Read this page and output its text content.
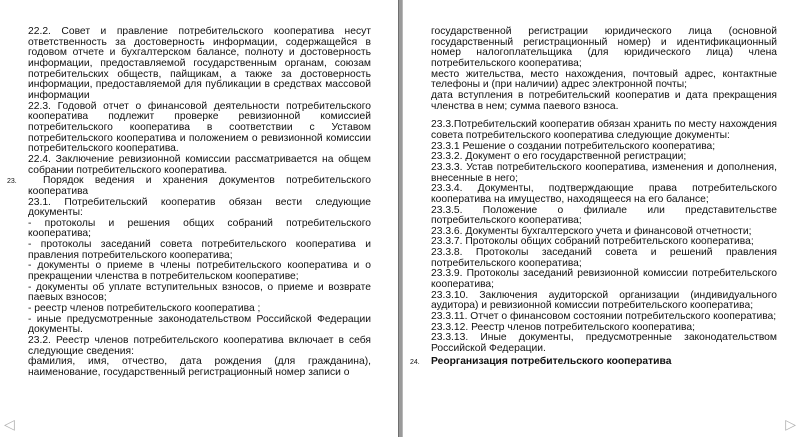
22.2. Совет и правление потребительского кооператива несут ответственность за достоверность информации, содержащейся в годовом отчете и бухгалтерском балансе, полноту и достоверность информации, предоставляемой государственным органам, союзам потребительских обществ, пайщикам, а также за достоверность информации, предоставляемой для публикации в средствах массовой информации

22.3. Годовой отчет о финансовой деятельности потребительского кооператива подлежит проверке ревизионной комиссией потребительского кооператива в соответствии с Уставом потребительского кооператива и положением о ревизионной комиссии потребительского кооператива.

22.4. Заключение ревизионной комиссии рассматривается на общем собрании потребительского кооператива.

23.	Порядок ведения и хранения документов потребительского кооператива

23.1. Потребительский кооператив обязан вести следующие документы:

- протоколы и решения общих собраний потребительского кооператива;

- протоколы заседаний совета потребительского кооператива и правления потребительского кооператива;

- документы о приеме в члены потребительского кооператива и о прекращении членства в потребительском кооперативе;

- документы об уплате вступительных взносов, о приеме и возврате паевых взносов;

- реестр членов потребительского кооператива ;

- иные предусмотренные законодательством Российской Федерации документы.

23.2. Реестр членов потребительского кооператива включает в себя следующие сведения:

фамилия, имя, отчество, дата рождения (для гражданина), наименование, государственный регистрационный номер записи о

◁

государственной регистрации юридического лица (основной государственный регистрационный номер) и идентификационный номер налогоплательщика (для юридического лица) члена потребительского кооператива;

место жительства, место нахождения, почтовый адрес, контактные телефоны и (при наличии) адрес электронной почты;

дата вступления в потребительский кооператив и дата прекращения членства в нем; сумма паевого взноса.

23.3.Потребительский кооператив обязан хранить по месту нахождения совета потребительского кооператива следующие документы:

23.3.1 Решение о создании потребительского кооператива;

23.3.2. Документ о его государственной регистрации;

23.3.3. Устав потребительского кооператива, изменения и дополнения, внесенные в него;

23.3.4. Документы, подтверждающие права потребительского кооператива на имущество, находящееся на его балансе;

23.3.5. Положение о филиале или представительстве потребительского кооператива;

23.3.6. Документы бухгалтерского учета и финансовой отчетности;

23.3.7. Протоколы общих собраний потребительского кооператива;

23.3.8. Протоколы заседаний совета и решений правления потребительского кооператива;

23.3.9. Протоколы заседаний ревизионной комиссии потребительского кооператива;

23.3.10. Заключения аудиторской организации (индивидуального аудитора) и ревизионной комиссии потребительского кооператива;

23.3.11. Отчет о финансовом состоянии потребительского кооператива;

23.3.12. Реестр членов потребительского кооператива;

23.3.13. Иные документы, предусмотренные законодательством Российской Федерации.

24. Реорганизация потребительского кооператива

▷
